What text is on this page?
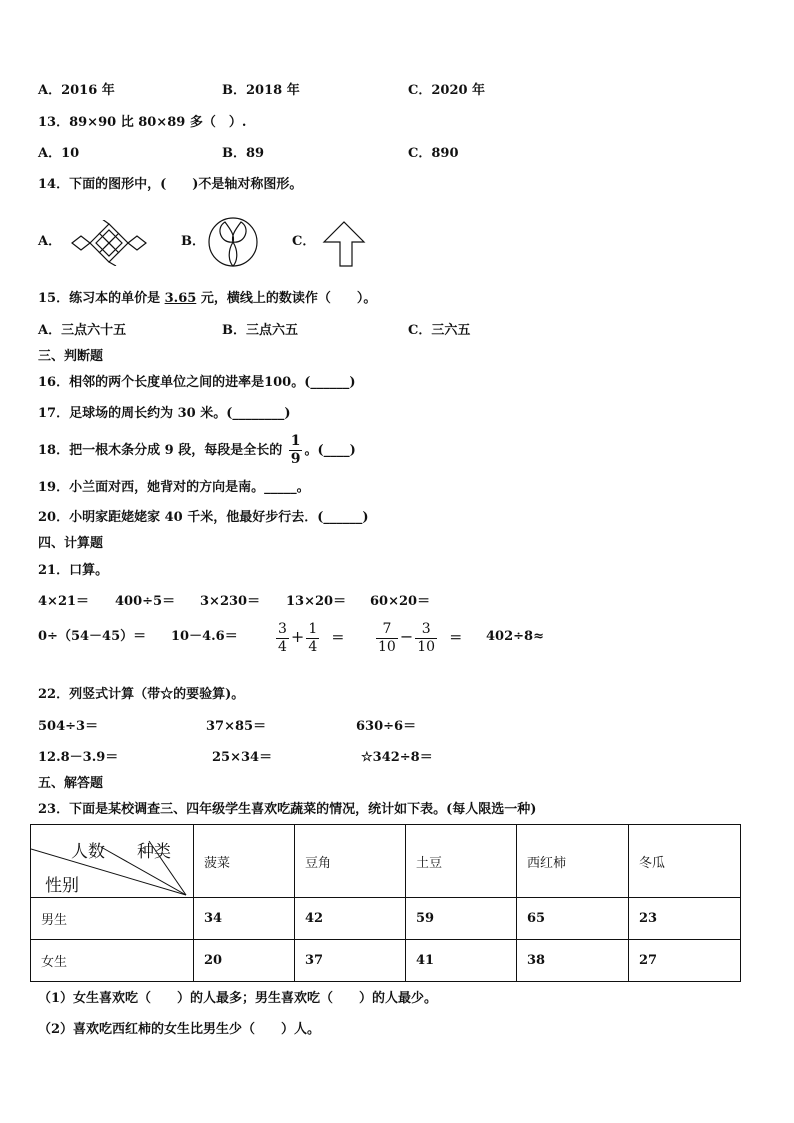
A．2016 年	B．2018 年	C．2020 年
13．89×90 比 80×89 多（　）.
A．10	B．89	C．890
14．下面的图形中，(　　)不是轴对称图形。
A．	B．	C．
15．练习本的单价是 3.65 元，横线上的数读作（　　）。
A．三点六十五	B．三点六五	C．三六五
三、判断题
16．相邻的两个长度单位之间的进率是100。(______)
17．足球场的周长约为 30 米。(________)
18．把一根木条分成 9 段，每段是全长的 $\frac{1}{9}$ 。(____)
19．小兰面对西，她背对的方向是南。_____。
20．小明家距姥姥家 40 千米，他最好步行去．(______)
四、计算题
21．口算。
4×21＝ 400÷5＝ 3×230＝ 13×20＝ 60×20＝
0÷（54－45）＝ 10－4.6＝	$\frac{3}{4} + \frac{1}{4} = \frac{7}{10} - \frac{3}{10} = 402\div 8\approx$
22．列竖式计算（带☆的要验算)。
504÷3＝	37×85＝	630÷6＝
12.8－3.9＝	25×34＝	☆342÷8＝
五、解答题
23．下面是某校调查三、四年级学生喜欢吃蔬菜的情况，统计如下表。(每人限选一种)
人数 种类
性别	菠菜	豆角	土豆	西红柿	冬瓜
男生	34	42	59	65	23
女生	20	37	41	38	27
（1）女生喜欢吃（　　）的人最多；男生喜欢吃（　　）的人最少。
（2）喜欢吃西红柿的女生比男生少（　　）人。
